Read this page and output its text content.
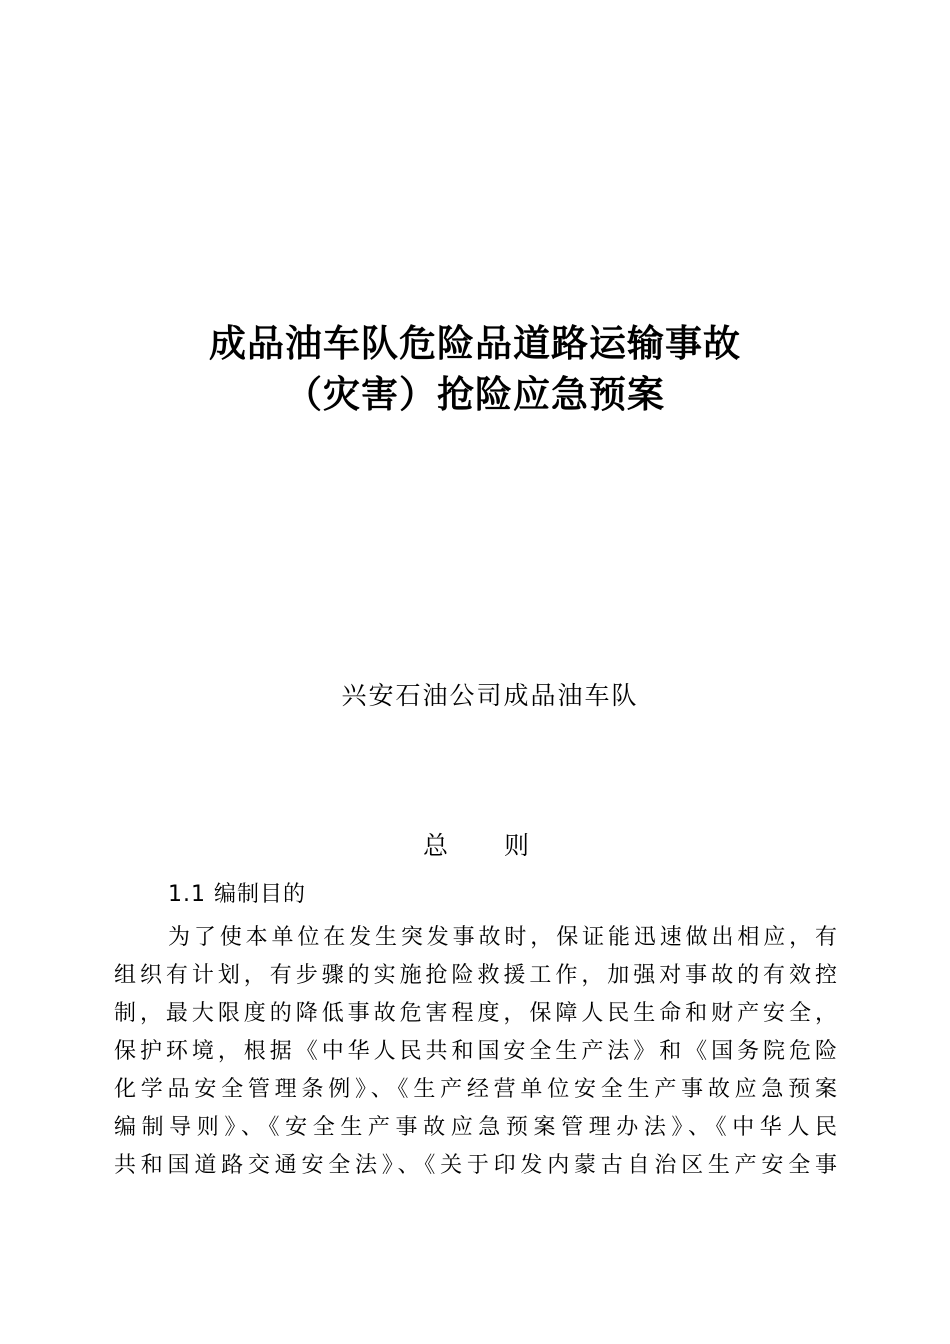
成品油车队危险品道路运输事故
（灾害）抢险应急预案
兴安石油公司成品油车队
总 则
1.1 编制目的
为了使本单位在发生突发事故时，保证能迅速做出相应，有
组织有计划，有步骤的实施抢险救援工作，加强对事故的有效控
制，最大限度的降低事故危害程度，保障人民生命和财产安全，
保护环境，根据《中华人民共和国安全生产法》和《国务院危险
化学品安全管理条例》、《生产经营单位安全生产事故应急预案
编制导则》、《安全生产事故应急预案管理办法》、《中华人民
共和国道路交通安全法》、《关于印发内蒙古自治区生产安全事
